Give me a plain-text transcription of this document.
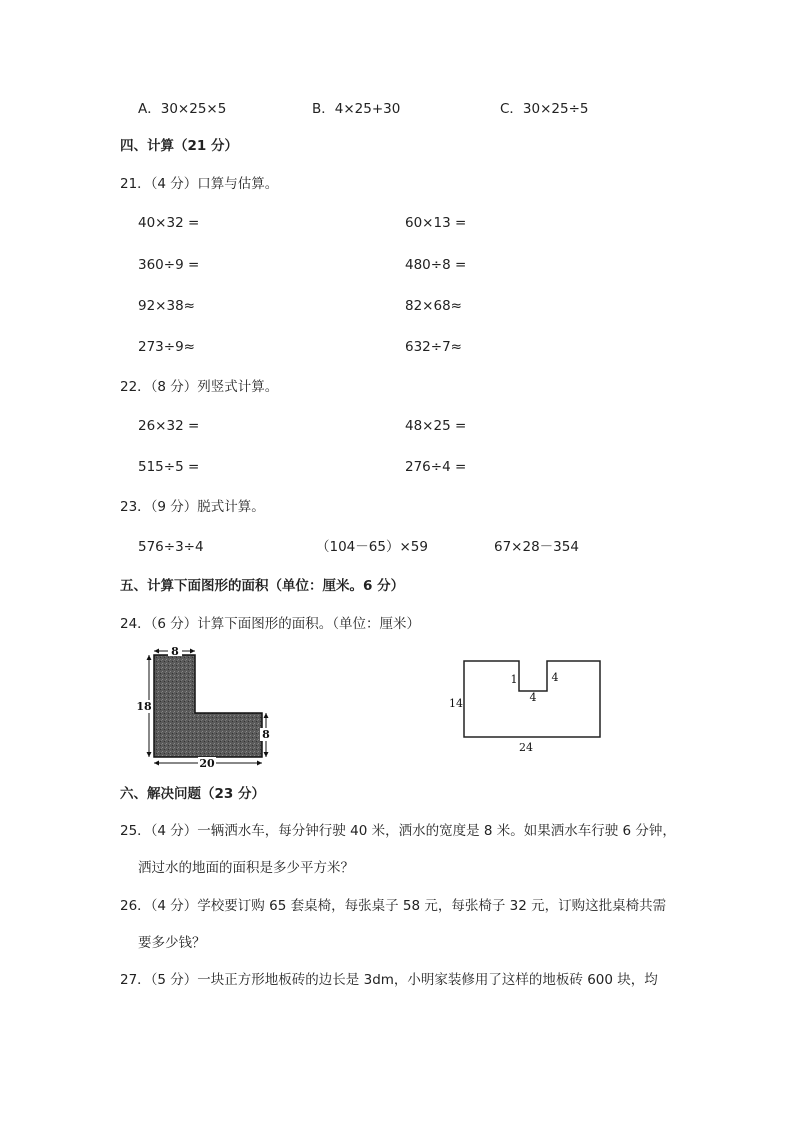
A．30×25×5	B．4×25+30	C．30×25÷5
四、计算（21 分）
21．（4 分）口算与估算。
40×32 =	60×13 =
360÷9 =	480÷8 =
92×38≈	82×68≈
273÷9≈	632÷7≈
22．（8 分）列竖式计算。
26×32 =	48×25 =
515÷5 =	276÷4 =
23．（9 分）脱式计算。
576÷3÷4	（104－65）×59	67×28－354
五、计算下面图形的面积（单位：厘米。6 分）
24．（6 分）计算下面图形的面积。（单位：厘米）
8
18
8
20
1	4
4
14
24
六、解决问题（23 分）
25．（4 分）一辆洒水车，每分钟行驶 40 米，洒水的宽度是 8 米。如果洒水车行驶 6 分钟，
洒过水的地面的面积是多少平方米？
26．（4 分）学校要订购 65 套桌椅，每张桌子 58 元，每张椅子 32 元，订购这批桌椅共需
要多少钱？
27．（5 分）一块正方形地板砖的边长是 3dm，小明家装修用了这样的地板砖 600 块，均
